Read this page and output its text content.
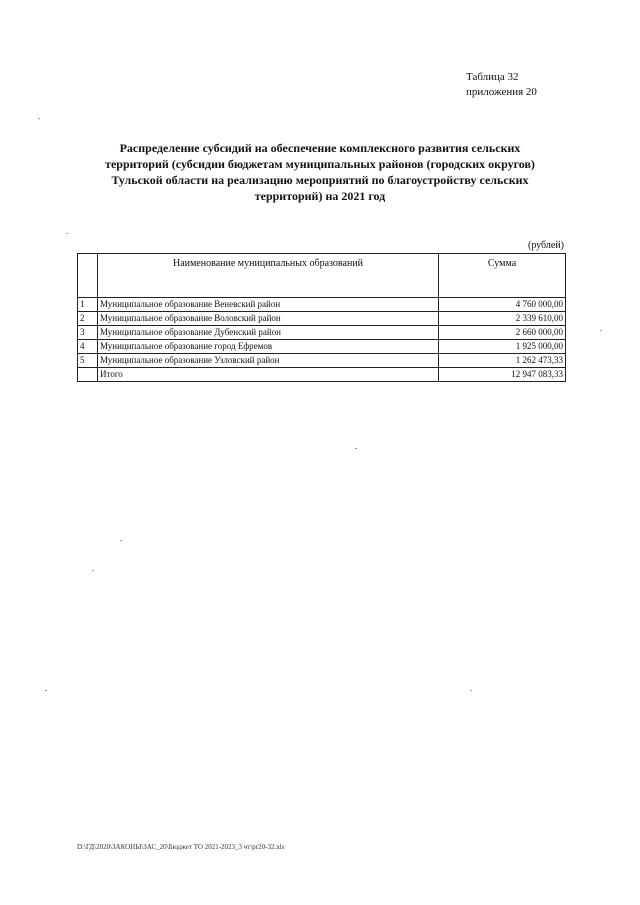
Таблица 32
приложения 20
Распределение субсидий на обеспечение комплексного развития сельских
территорий (субсидии бюджетам муниципальных районов (городских округов)
Тульской области на реализацию мероприятий по благоустройству сельских
территорий) на 2021 год
(рублей)
	Наименование муниципальных образований	Сумма
1	Муниципальное образование Веневский район	4 760 000,00
2	Муниципальное образование Воловский район	2 339 610,00
3	Муниципальное образование Дубенский район	2 660 000,00
4	Муниципальное образование город Ефремов	1 925 000,00
5	Муниципальное образование Узловский район	1 262 473,33
	Итого	12 947 083,33
D:\ГД\2020\ЗАКОНЫ\ЗАС_20\Бюджет ТО 2021-2023_3 чт\pr20-32.xls
